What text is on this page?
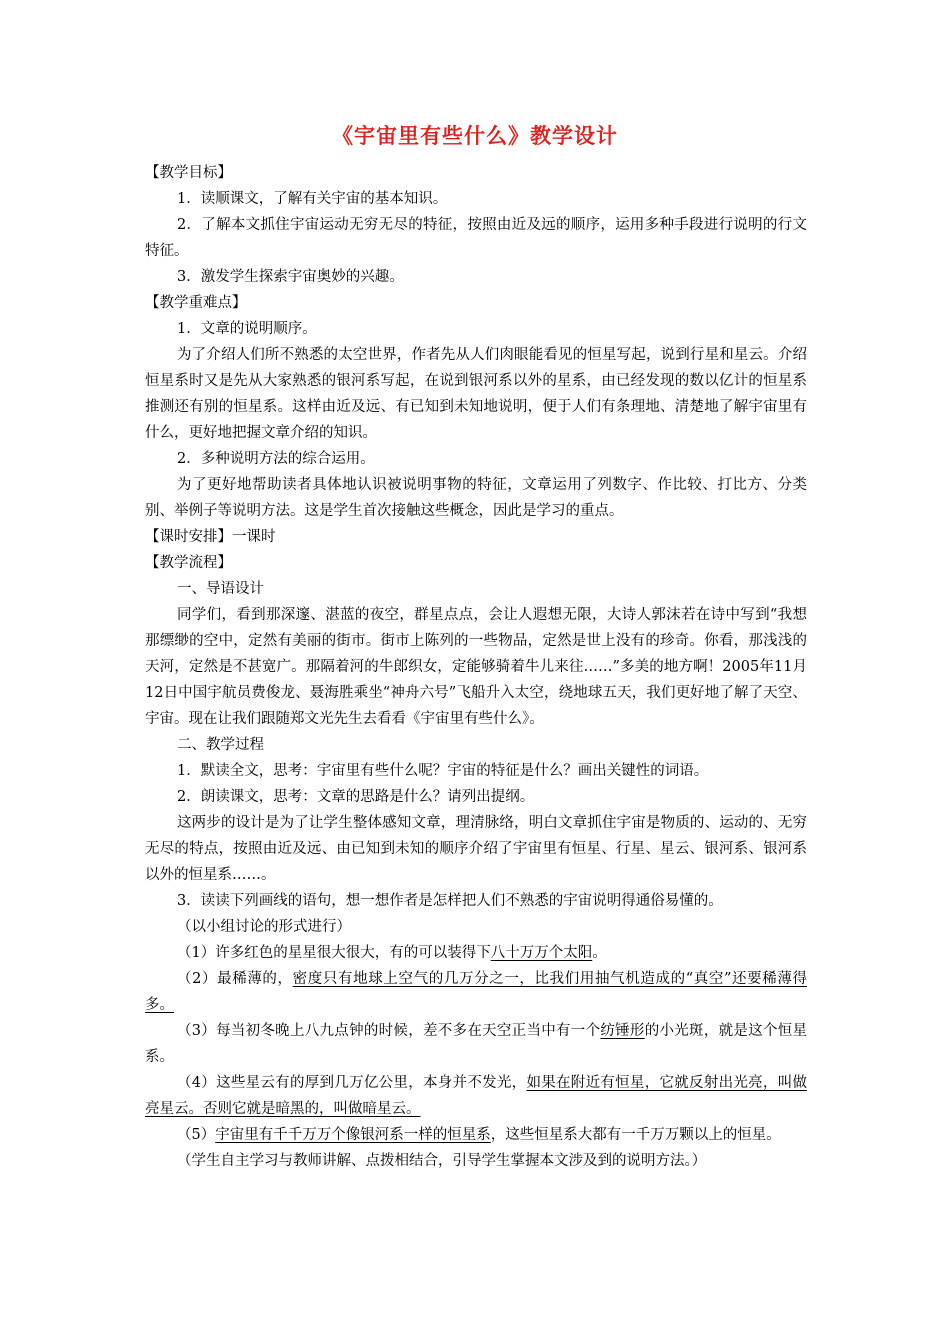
《宇宙里有些什么》教学设计

【教学目标】

1．读顺课文，了解有关宇宙的基本知识。

2．了解本文抓住宇宙运动无穷无尽的特征，按照由近及远的顺序，运用多种手段进行说明的行文特征。

3．激发学生探索宇宙奥妙的兴趣。

【教学重难点】

1．文章的说明顺序。

为了介绍人们所不熟悉的太空世界，作者先从人们肉眼能看见的恒星写起，说到行星和星云。介绍恒星系时又是先从大家熟悉的银河系写起，在说到银河系以外的星系，由已经发现的数以亿计的恒星系推测还有别的恒星系。这样由近及远、有已知到未知地说明，便于人们有条理地、清楚地了解宇宙里有什么，更好地把握文章介绍的知识。

2．多种说明方法的综合运用。

为了更好地帮助读者具体地认识被说明事物的特征，文章运用了列数字、作比较、打比方、分类别、举例子等说明方法。这是学生首次接触这些概念，因此是学习的重点。

【课时安排】一课时

【教学流程】

一、导语设计

同学们，看到那深邃、湛蓝的夜空，群星点点，会让人遐想无限，大诗人郭沫若在诗中写到“我想那缥缈的空中，定然有美丽的街市。街市上陈列的一些物品，定然是世上没有的珍奇。你看，那浅浅的天河，定然是不甚宽广。那隔着河的牛郎织女，定能够骑着牛儿来往……”多美的地方啊！2005年11月12日中国宇航员费俊龙、聂海胜乘坐“神舟六号”飞船升入太空，绕地球五天，我们更好地了解了天空、宇宙。现在让我们跟随郑文光先生去看看《宇宙里有些什么》。

二、教学过程

1．默读全文，思考：宇宙里有些什么呢？宇宙的特征是什么？画出关键性的词语。

2．朗读课文，思考：文章的思路是什么？请列出提纲。

这两步的设计是为了让学生整体感知文章，理清脉络，明白文章抓住宇宙是物质的、运动的、无穷无尽的特点，按照由近及远、由已知到未知的顺序介绍了宇宙里有恒星、行星、星云、银河系、银河系以外的恒星系……。

3．读读下列画线的语句，想一想作者是怎样把人们不熟悉的宇宙说明得通俗易懂的。

（以小组讨论的形式进行）

（1）许多红色的星星很大很大，有的可以装得下八十万万个太阳。

（2）最稀薄的，密度只有地球上空气的几万分之一，比我们用抽气机造成的“真空”还要稀薄得多。

（3）每当初冬晚上八九点钟的时候，差不多在天空正当中有一个纺锤形的小光斑，就是这个恒星系。

（4）这些星云有的厚到几万亿公里，本身并不发光，如果在附近有恒星，它就反射出光亮，叫做亮星云。否则它就是暗黑的，叫做暗星云。

（5）宇宙里有千千万万个像银河系一样的恒星系，这些恒星系大都有一千万万颗以上的恒星。

（学生自主学习与教师讲解、点拨相结合，引导学生掌握本文涉及到的说明方法。）
